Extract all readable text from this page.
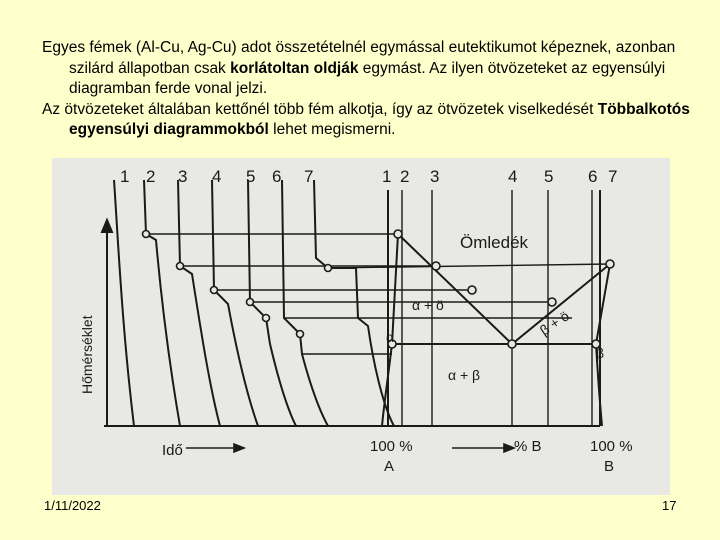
Egyes fémek (Al-Cu, Ag-Cu) adot összetételnél egymással eutektikumot képeznek, azonban szilárd állapotban csak korlátoltan oldják egymást. Az ilyen ötvözeteket az egyensúlyi diagramban ferde vonal jelzi.

Az ötvözeteket általában kettőnél több fém alkotja, így az ötvözetek viselkedését Többalkotós egyensúlyi diagrammokból lehet megismerni.

1 2 3 4 5 6 7	1 2 3	4 5 6 7
Ömledék
α + ö
β + ö
α
β
α + β
Hőmérséklet
Idő	100 %
A
% B	100 %
B
1/11/2022	17
